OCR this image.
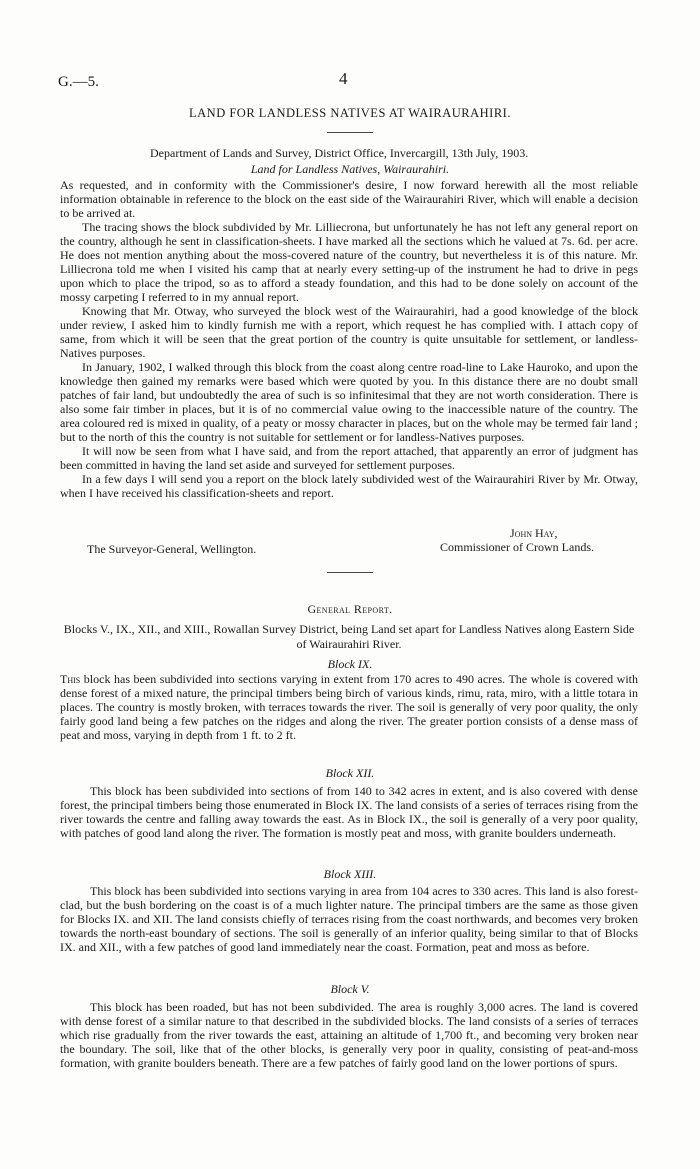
G.—5.	4
LAND FOR LANDLESS NATIVES AT WAIRAURAHIRI.
Department of Lands and Survey, District Office, Invercargill, 13th July, 1903.
Land for Landless Natives, Wairaurahiri.

As requested, and in conformity with the Commissioner's desire, I now forward herewith all the most reliable information obtainable in reference to the block on the east side of the Wairaurahiri River, which will enable a decision to be arrived at.

The tracing shows the block subdivided by Mr. Lilliecrona, but unfortunately he has not left any general report on the country, although he sent in classification-sheets. I have marked all the sections which he valued at 7s. 6d. per acre. He does not mention anything about the moss-covered nature of the country, but nevertheless it is of this nature. Mr. Lilliecrona told me when I visited his camp that at nearly every setting-up of the instrument he had to drive in pegs upon which to place the tripod, so as to afford a steady foundation, and this had to be done solely on account of the mossy carpeting I referred to in my annual report.

Knowing that Mr. Otway, who surveyed the block west of the Wairaurahiri, had a good knowledge of the block under review, I asked him to kindly furnish me with a report, which request he has complied with. I attach copy of same, from which it will be seen that the great portion of the country is quite unsuitable for settlement, or landless-Natives purposes.

In January, 1902, I walked through this block from the coast along centre road-line to Lake Hauroko, and upon the knowledge then gained my remarks were based which were quoted by you. In this distance there are no doubt small patches of fair land, but undoubtedly the area of such is so infinitesimal that they are not worth consideration. There is also some fair timber in places, but it is of no commercial value owing to the inaccessible nature of the country. The area coloured red is mixed in quality, of a peaty or mossy character in places, but on the whole may be termed fair land ; but to the north of this the country is not suitable for settlement or for landless-Natives purposes.

It will now be seen from what I have said, and from the report attached, that apparently an error of judgment has been committed in having the land set aside and surveyed for settlement purposes.

In a few days I will send you a report on the block lately subdivided west of the Wairaurahiri River by Mr. Otway, when I have received his classification-sheets and report.

John Hay,
The Surveyor-General, Wellington.	Commissioner of Crown Lands.
General Report.
Blocks V., IX., XII., and XIII., Rowallan Survey District, being Land set apart for Landless Natives along Eastern Side of Wairaurahiri River.
Block IX.

This block has been subdivided into sections varying in extent from 170 acres to 490 acres. The whole is covered with dense forest of a mixed nature, the principal timbers being birch of various kinds, rimu, rata, miro, with a little totara in places. The country is mostly broken, with terraces towards the river. The soil is generally of very poor quality, the only fairly good land being a few patches on the ridges and along the river. The greater portion consists of a dense mass of peat and moss, varying in depth from 1 ft. to 2 ft.

Block XII.

This block has been subdivided into sections of from 140 to 342 acres in extent, and is also covered with dense forest, the principal timbers being those enumerated in Block IX. The land consists of a series of terraces rising from the river towards the centre and falling away towards the east. As in Block IX., the soil is generally of a very poor quality, with patches of good land along the river. The formation is mostly peat and moss, with granite boulders underneath.

Block XIII.

This block has been subdivided into sections varying in area from 104 acres to 330 acres. This land is also forest-clad, but the bush bordering on the coast is of a much lighter nature. The principal timbers are the same as those given for Blocks IX. and XII. The land consists chiefly of terraces rising from the coast northwards, and becomes very broken towards the north-east boundary of sections. The soil is generally of an inferior quality, being similar to that of Blocks IX. and XII., with a few patches of good land immediately near the coast. Formation, peat and moss as before.

Block V.

This block has been roaded, but has not been subdivided. The area is roughly 3,000 acres. The land is covered with dense forest of a similar nature to that described in the subdivided blocks. The land consists of a series of terraces which rise gradually from the river towards the east, attaining an altitude of 1,700 ft., and becoming very broken near the boundary. The soil, like that of the other blocks, is generally very poor in quality, consisting of peat-and-moss formation, with granite boulders beneath. There are a few patches of fairly good land on the lower portions of spurs.
